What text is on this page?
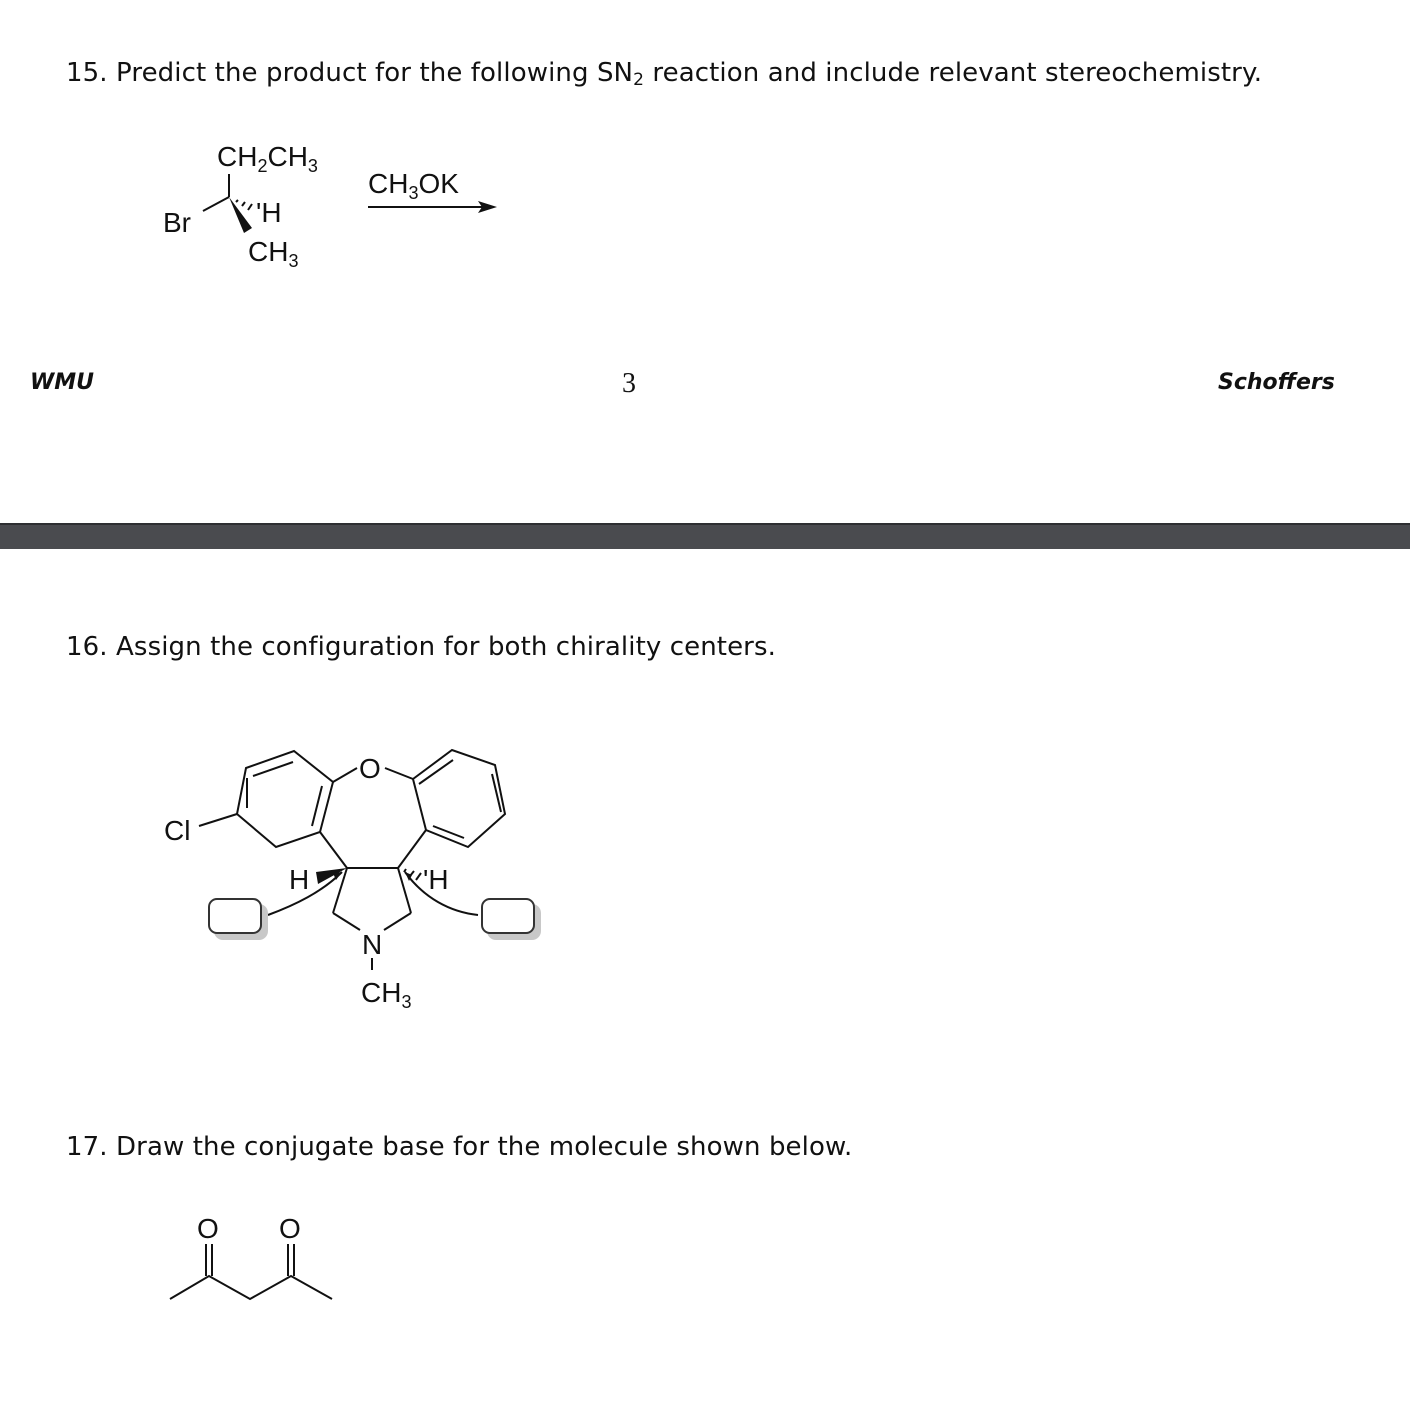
15. Predict the product for the following $SN_2$ reaction and include relevant stereochemistry.
$CH_2CH_3$
Br 'H
$CH_3$
$CH_3OK$
O
Cl
H	'H
N
$CH_3$
O O
WMU	3	Schoffers
16. Assign the configuration for both chirality centers.
17. Draw the conjugate base for the molecule shown below.
